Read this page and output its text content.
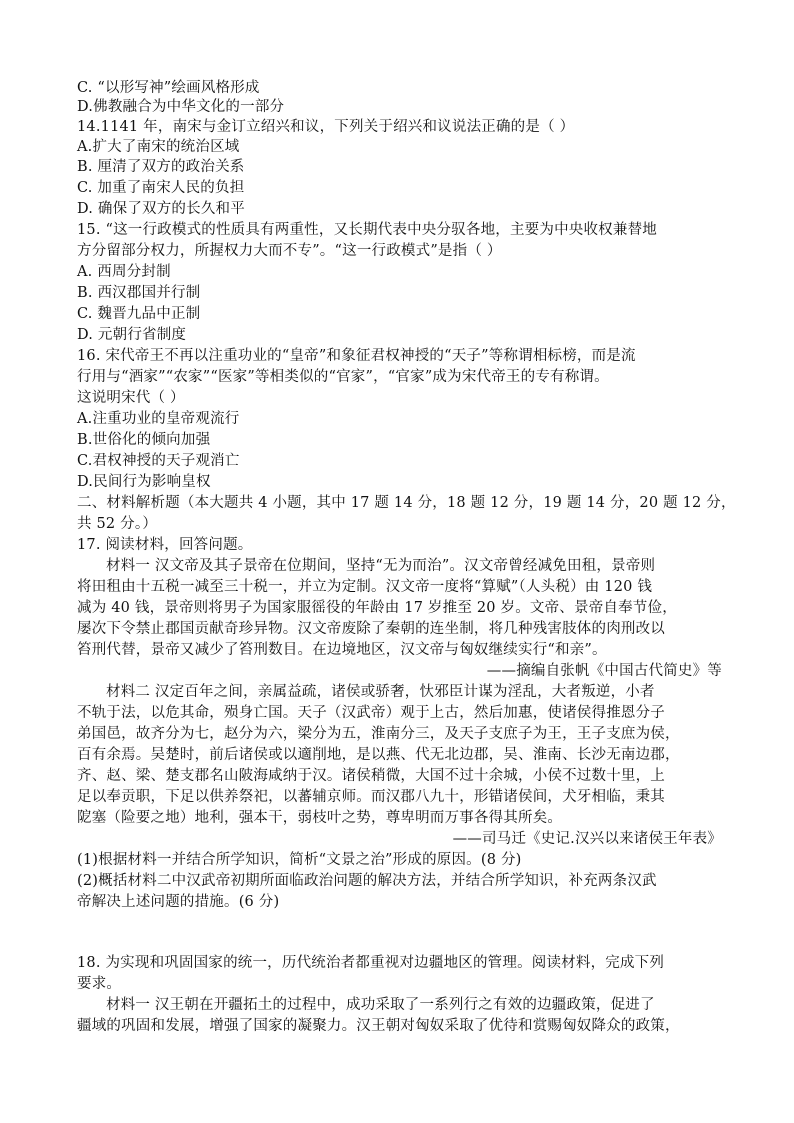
C. “以形写神”绘画风格形成
D.佛教融合为中华文化的一部分
14.1141 年，南宋与金订立绍兴和议，下列关于绍兴和议说法正确的是（ ）
A.扩大了南宋的统治区域
B. 厘清了双方的政治关系
C. 加重了南宋人民的负担
D. 确保了双方的长久和平
15. “这一行政模式的性质具有两重性，又长期代表中央分驭各地，主要为中央收权兼替地
方分留部分权力，所握权力大而不专”。“这一行政模式”是指（ ）
A. 西周分封制
B. 西汉郡国并行制
C. 魏晋九品中正制
D. 元朝行省制度
16. 宋代帝王不再以注重功业的“皇帝”和象征君权神授的“天子”等称谓相标榜，而是流
行用与“酒家”“农家”“医家”等相类似的“官家”，“官家”成为宋代帝王的专有称谓。
这说明宋代（ ）
A.注重功业的皇帝观流行
B.世俗化的倾向加强
C.君权神授的天子观消亡
D.民间行为影响皇权
二、材料解析题（本大题共 4 小题，其中 17 题 14 分，18 题 12 分，19 题 14 分，20 题 12 分，
共 52 分。）
17. 阅读材料，回答问题。
材料一 汉文帝及其子景帝在位期间，坚持“无为而治”。汉文帝曾经减免田租，景帝则
将田租由十五税一减至三十税一，并立为定制。汉文帝一度将“算赋”（人头税）由 120 钱
减为 40 钱，景帝则将男子为国家服徭役的年龄由 17 岁推至 20 岁。文帝、景帝自奉节俭，
屡次下令禁止郡国贡献奇珍异物。汉文帝废除了秦朝的连坐制，将几种残害肢体的肉刑改以
笞刑代替，景帝又减少了笞刑数目。在边境地区，汉文帝与匈奴继续实行“和亲”。
——摘编自张帆《中国古代简史》等
材料二 汉定百年之间，亲属益疏，诸侯或骄奢，忕邪臣计谋为淫乱，大者叛逆，小者
不轨于法，以危其命，殒身亡国。天子（汉武帝）观于上古，然后加惠，使诸侯得推恩分子
弟国邑，故齐分为七，赵分为六，梁分为五，淮南分三，及天子支庶子为王，王子支庶为侯，
百有余焉。吴楚时，前后诸侯或以適削地，是以燕、代无北边郡，吴、淮南、长沙无南边郡，
齐、赵、梁、楚支郡名山陂海咸纳于汉。诸侯稍微，大国不过十余城，小侯不过数十里，上
足以奉贡职，下足以供养祭祀，以蕃辅京师。而汉郡八九十，形错诸侯间，犬牙相临，秉其
阸塞（险要之地）地利，强本干，弱枝叶之势，尊卑明而万事各得其所矣。
——司马迁《史记.汉兴以来诸侯王年表》
(1)根据材料一并结合所学知识，简析“文景之治”形成的原因。(8 分)
(2)概括材料二中汉武帝初期所面临政治问题的解决方法，并结合所学知识，补充两条汉武
帝解决上述问题的措施。(6 分)
18. 为实现和巩固国家的统一，历代统治者都重视对边疆地区的管理。阅读材料，完成下列
要求。
材料一 汉王朝在开疆拓土的过程中，成功采取了一系列行之有效的边疆政策，促进了
疆域的巩固和发展，增强了国家的凝聚力。汉王朝对匈奴采取了优待和赏赐匈奴降众的政策，
